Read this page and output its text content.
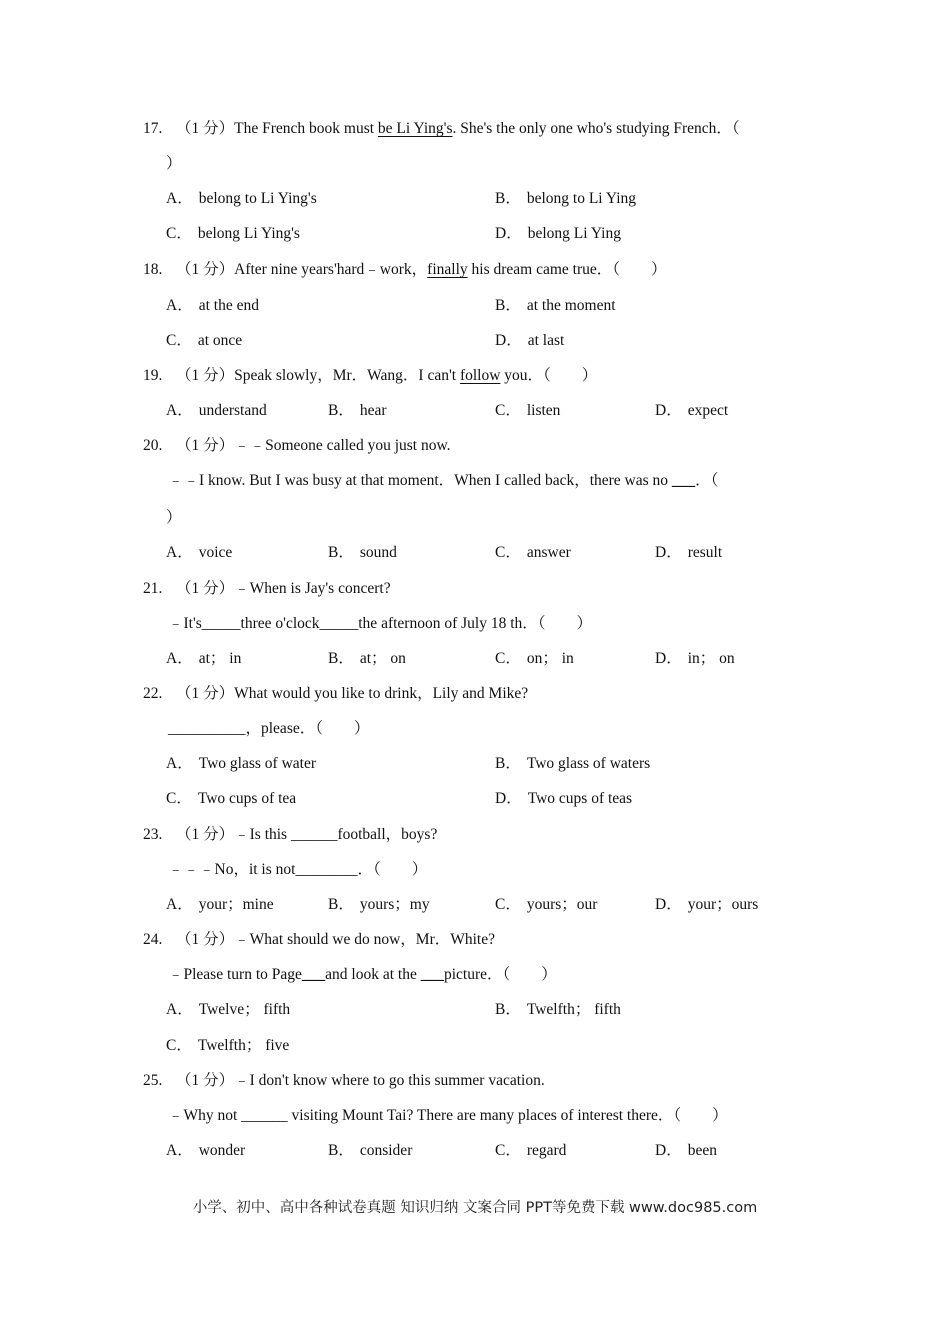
17. （1 分）The French book must be Li Ying's. She's the only one who's studying French．（
）
A． belong to Li Ying's	B． belong to Li Ying
C． belong Li Ying's	D． belong Li Ying
18. （1 分）After nine years'hard﹣work，finally his dream came true．（　　）
A． at the end	B． at the moment
C． at once	D． at last
19. （1 分）Speak slowly，Mr．Wang．I can't follow you．（　　）
A． understand	B． hear	C． listen	D． expect
20. （1 分）﹣﹣Someone called you just now.
﹣﹣I know. But I was busy at that moment．When I called back，there was no ___．（
）
A． voice	B． sound	C． answer	D． result
21. （1 分）﹣When is Jay's concert?
﹣It's_____three o'clock_____the afternoon of July 18 th．（　　）
A． at； in	B． at； on	C． on； in	D． in； on
22. （1 分）What would you like to drink，Lily and Mike?
__________，please．（　　）
A． Two glass of water	B． Two glass of waters
C． Two cups of tea	D． Two cups of teas
23. （1 分）﹣Is this ______football，boys?
﹣﹣﹣No，it is not________．（　　）
A． your；mine	B． yours；my	C． yours；our	D． your；ours
24. （1 分）﹣What should we do now，Mr．White?
﹣Please turn to Page___and look at the ___picture．（　　）
A． Twelve； fifth	B． Twelfth； fifth
C． Twelfth； five
25. （1 分）﹣I don't know where to go this summer vacation.
﹣Why not ______ visiting Mount Tai? There are many places of interest there．（　　）
A． wonder	B． consider	C． regard	D． been
小学、初中、高中各种试卷真题 知识归纳 文案合同 PPT等免费下载 www.doc985.com
